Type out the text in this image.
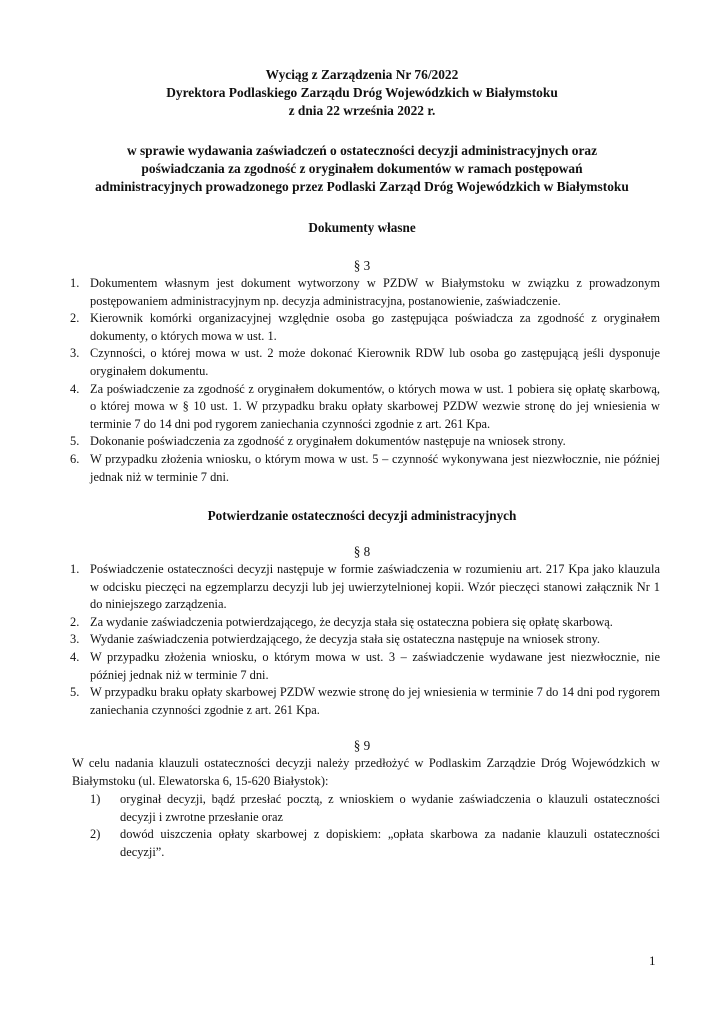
Wyciąg z Zarządzenia Nr 76/2022
Dyrektora Podlaskiego Zarządu Dróg Wojewódzkich w Białymstoku
z dnia 22 września 2022 r.
w sprawie wydawania zaświadczeń o ostateczności decyzji administracyjnych oraz
poświadczania za zgodność z oryginałem dokumentów w ramach postępowań
administracyjnych prowadzonego przez Podlaski Zarząd Dróg Wojewódzkich w Białymstoku
Dokumenty własne
§ 3
1. Dokumentem własnym jest dokument wytworzony w PZDW w Białymstoku w związku z prowadzonym postępowaniem administracyjnym np. decyzja administracyjna, postanowienie, zaświadczenie.
2. Kierownik komórki organizacyjnej względnie osoba go zastępująca poświadcza za zgodność z oryginałem dokumenty, o których mowa w ust. 1.
3. Czynności, o której mowa w ust. 2 może dokonać Kierownik RDW lub osoba go zastępującą jeśli dysponuje oryginałem dokumentu.
4. Za poświadczenie za zgodność z oryginałem dokumentów, o których mowa w ust. 1 pobiera się opłatę skarbową, o której mowa w § 10 ust. 1. W przypadku braku opłaty skarbowej PZDW wezwie stronę do jej wniesienia w terminie 7 do 14 dni pod rygorem zaniechania czynności zgodnie z art. 261 Kpa.
5. Dokonanie poświadczenia za zgodność z oryginałem dokumentów następuje na wniosek strony.
6. W przypadku złożenia wniosku, o którym mowa w ust. 5 – czynność wykonywana jest niezwłocznie, nie później jednak niż w terminie 7 dni.
Potwierdzanie ostateczności decyzji administracyjnych
§ 8
1. Poświadczenie ostateczności decyzji następuje w formie zaświadczenia w rozumieniu art. 217 Kpa jako klauzula w odcisku pieczęci na egzemplarzu decyzji lub jej uwierzytelnionej kopii. Wzór pieczęci stanowi załącznik Nr 1 do niniejszego zarządzenia.
2. Za wydanie zaświadczenia potwierdzającego, że decyzja stała się ostateczna pobiera się opłatę skarbową.
3. Wydanie zaświadczenia potwierdzającego, że decyzja stała się ostateczna następuje na wniosek strony.
4. W przypadku złożenia wniosku, o którym mowa w ust. 3 – zaświadczenie wydawane jest niezwłocznie, nie później jednak niż w terminie 7 dni.
5. W przypadku braku opłaty skarbowej PZDW wezwie stronę do jej wniesienia w terminie 7 do 14 dni pod rygorem zaniechania czynności zgodnie z art. 261 Kpa.
§ 9
W celu nadania klauzuli ostateczności decyzji należy przedłożyć w Podlaskim Zarządzie Dróg Wojewódzkich w Białymstoku (ul. Elewatorska 6, 15-620 Białystok):
1) oryginał decyzji, bądź przesłać pocztą, z wnioskiem o wydanie zaświadczenia o klauzuli ostateczności decyzji i zwrotne przesłanie oraz
2) dowód uiszczenia opłaty skarbowej z dopiskiem: „opłata skarbowa za nadanie klauzuli ostateczności decyzji”.
1
